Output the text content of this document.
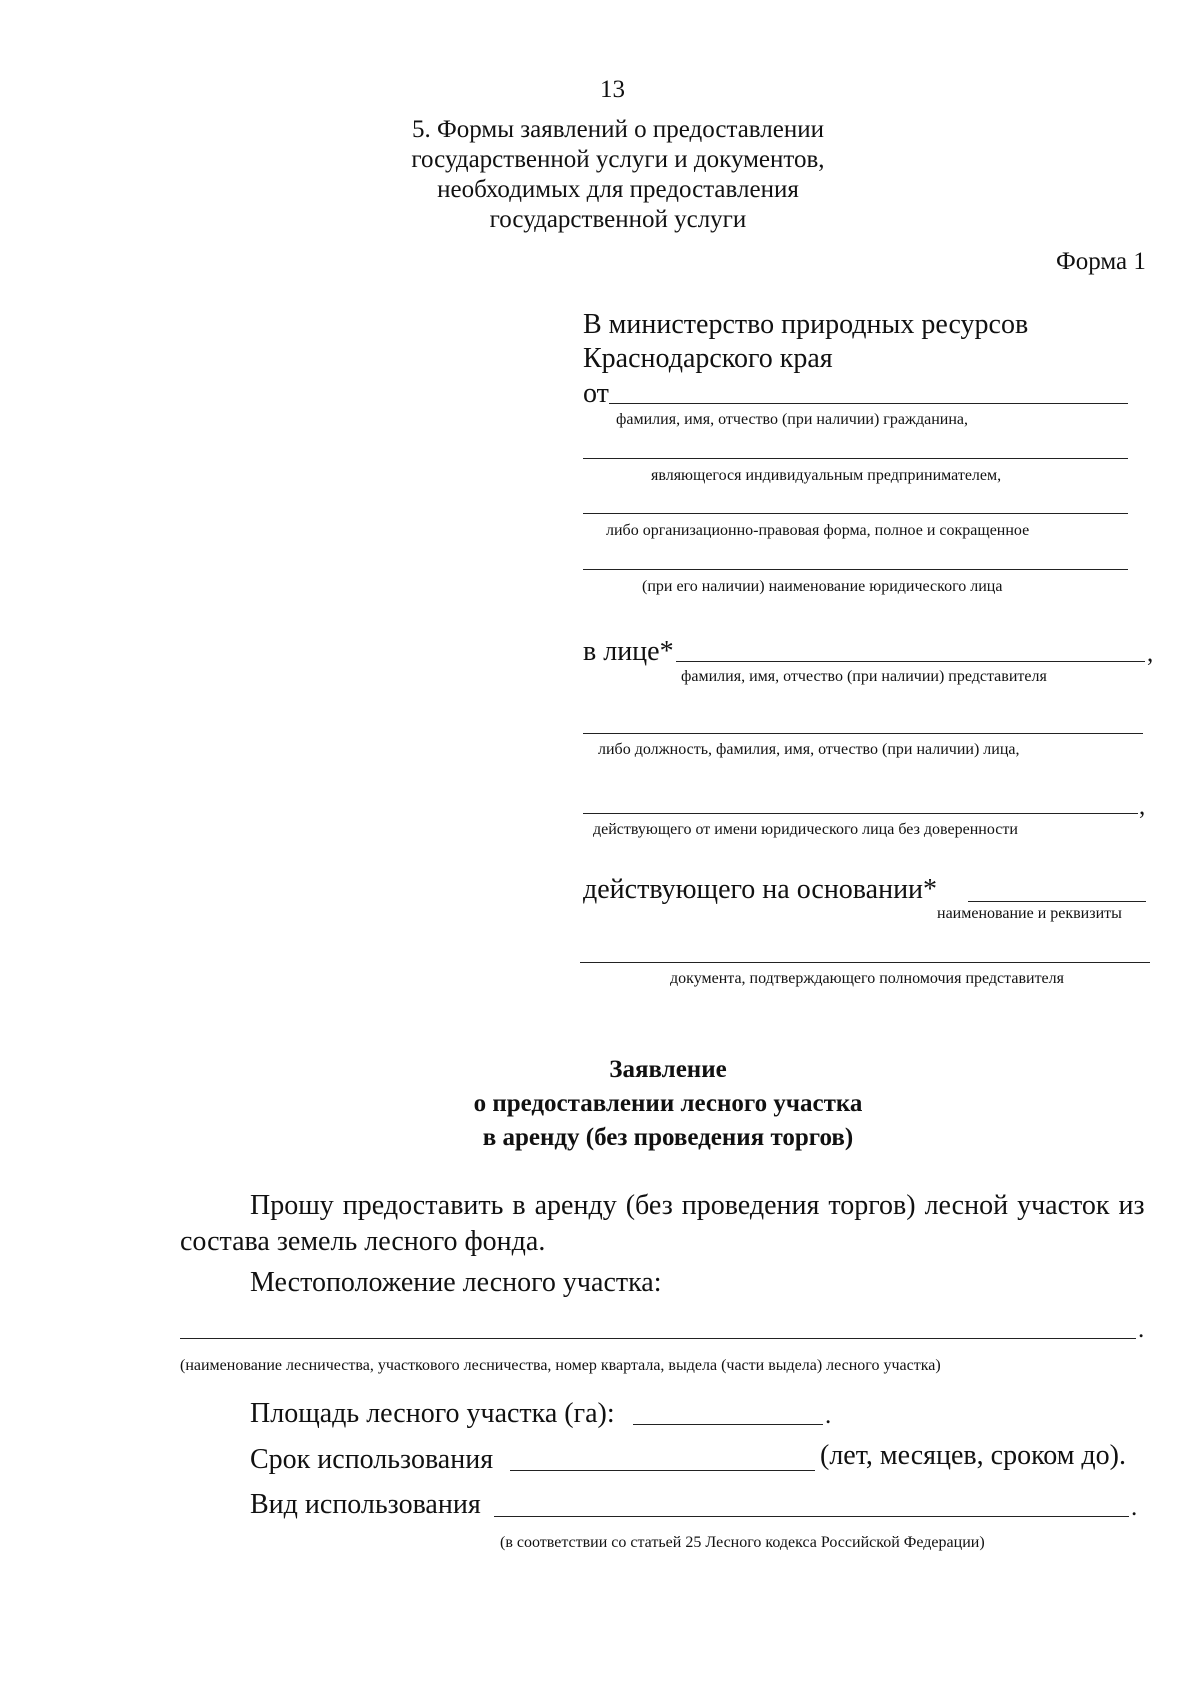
13
5. Формы заявлений о предоставлении
государственной услуги и документов,
необходимых для предоставления
государственной услуги
Форма 1
В министерство природных ресурсов
Краснодарского края
от
фамилия, имя, отчество (при наличии) гражданина,
являющегося индивидуальным предпринимателем,
либо организационно-правовая форма, полное и сокращенное
(при его наличии) наименование юридического лица
в лице*	,
фамилия, имя, отчество (при наличии) представителя
либо должность, фамилия, имя, отчество (при наличии) лица,
,
действующего от имени юридического лица без доверенности
действующего на основании*
наименование и реквизиты
документа, подтверждающего полномочия представителя
Заявление
о предоставлении лесного участка
в аренду (без проведения торгов)
Прошу предоставить в аренду (без проведения торгов) лесной участок из
состава земель лесного фонда.
Местоположение лесного участка:
.
(наименование лесничества, участкового лесничества, номер квартала, выдела (части выдела) лесного участка)
Площадь лесного участка (га):	.
Срок использования	(лет, месяцев, сроком до).
Вид использования	.
(в соответствии со статьей 25 Лесного кодекса Российской Федерации)
